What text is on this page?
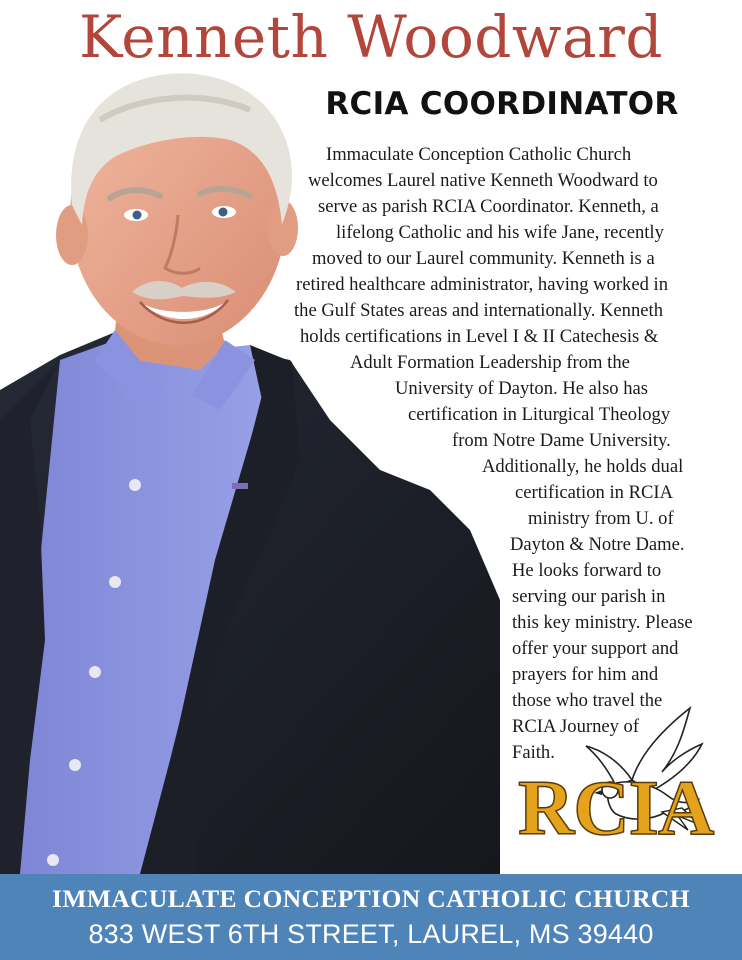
Kenneth Woodward
RCIA COORDINATOR
Immaculate Conception Catholic Church
welcomes Laurel native Kenneth Woodward to
serve as parish RCIA Coordinator. Kenneth, a
lifelong Catholic and his wife Jane, recently
moved to our Laurel community. Kenneth is a
retired healthcare administrator, having worked in
the Gulf States areas and internationally. Kenneth
holds certifications in Level I & II Catechesis &
Adult Formation Leadership from the
University of Dayton. He also has
certification in Liturgical Theology
from Notre Dame University.
Additionally, he holds dual
certification in RCIA
ministry from U. of
Dayton & Notre Dame.
He looks forward to
serving our parish in
this key ministry. Please
offer your support and
prayers for him and
those who travel the
RCIA Journey of
Faith.
RCIA
IMMACULATE CONCEPTION CATHOLIC CHURCH
833 WEST 6TH STREET, LAUREL, MS 39440
